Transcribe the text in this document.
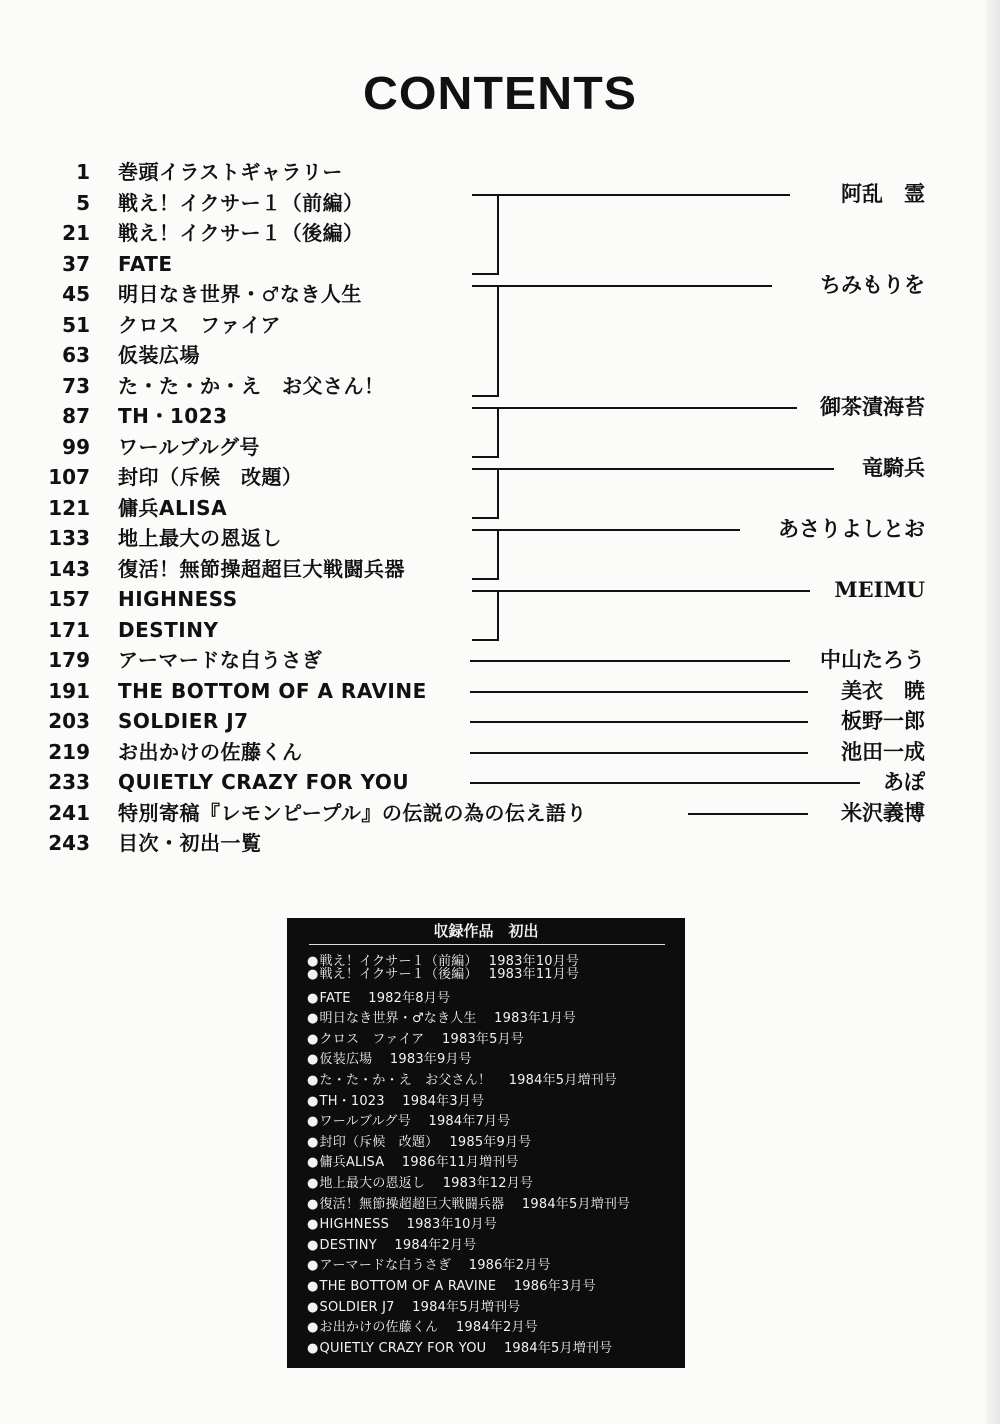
CONTENTS
1 巻頭イラストギャラリー
5 戦え！イクサー１（前編）
21 戦え！イクサー１（後編）
37 FATE
45 明日なき世界・♂なき人生
51 クロス　ファイア
63 仮装広場
73 た・た・か・え　お父さん！
87 TH・1023
99 ワールブルグ号
107 封印（斥候　改題）
121 傭兵ALISA
133 地上最大の恩返し
143 復活！無節操超超巨大戦闘兵器
157 HIGHNESS
171 DESTINY
179 アーマードな白うさぎ
191 THE BOTTOM OF A RAVINE
203 SOLDIER J7
219 お出かけの佐藤くん
233 QUIETLY CRAZY FOR YOU
241 特別寄稿『レモンピープル』の伝説の為の伝え語り
243 目次・初出一覧
阿乱　霊
ちみもりを
御茶漬海苔
竜騎兵
あさりよしとお
MEIMU
中山たろう
美衣　暁
板野一郎
池田一成
あぽ
米沢義博
収録作品　初出
●戦え！イクサー１（前編）　 1983年10月号
●戦え！イクサー１（後編）　 1983年11月号
●FATE　 1982年8月号
●明日なき世界・♂なき人生　 1983年1月号
●クロス　ファイア　 1983年5月号
●仮装広場　 1983年9月号
●た・た・か・え　お父さん！　 1984年5月増刊号
●TH・1023　 1984年3月号
●ワールブルグ号　 1984年7月号
●封印（斥候　改題）　 1985年9月号
●傭兵ALISA　 1986年11月増刊号
●地上最大の恩返し　 1983年12月号
●復活！無節操超超巨大戦闘兵器　 1984年5月増刊号
●HIGHNESS　 1983年10月号
●DESTINY　 1984年2月号
●アーマードな白うさぎ　 1986年2月号
●THE BOTTOM OF A RAVINE　 1986年3月号
●SOLDIER J7　 1984年5月増刊号
●お出かけの佐藤くん　 1984年2月号
●QUIETLY CRAZY FOR YOU　 1984年5月増刊号
